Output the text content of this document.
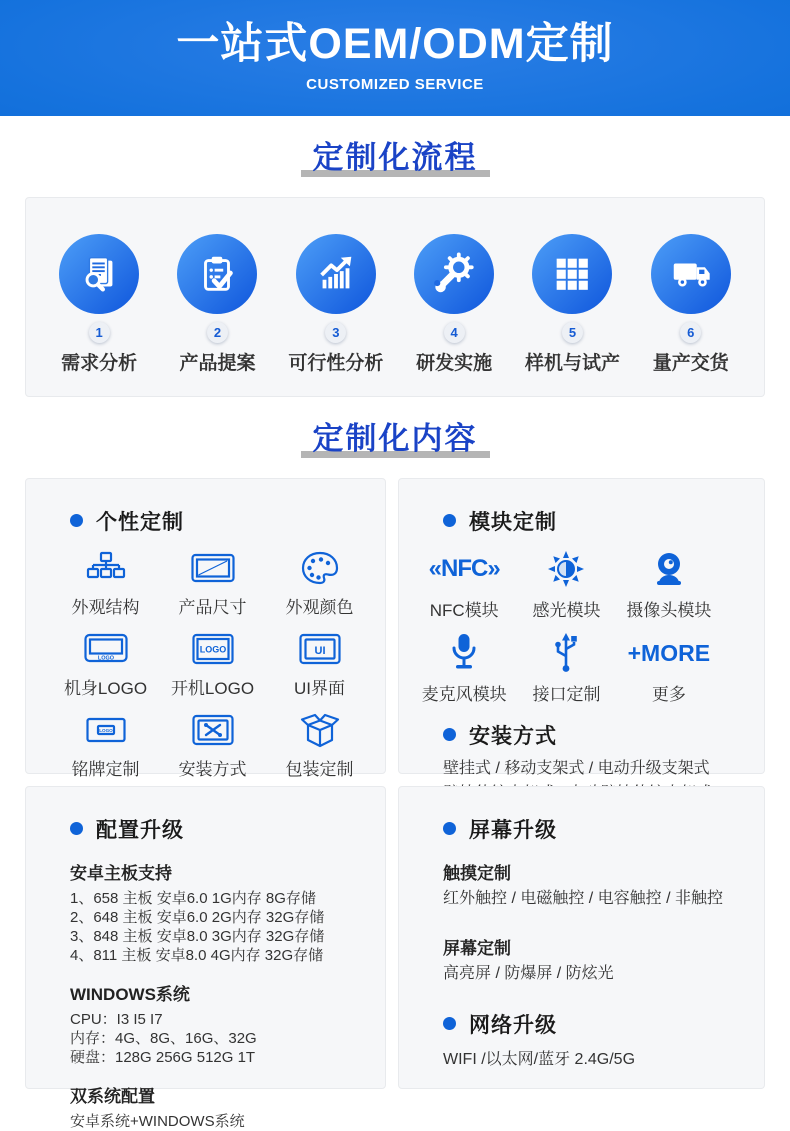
一站式OEM/ODM定制
CUSTOMIZED SERVICE
定制化流程
1
需求分析
2
产品提案
3
可行性分析
4
研发实施
5
样机与试产
6
量产交货
定制化内容
个性定制
外观结构	产品尺寸	外观颜色
LOGO
机身LOGO
LOGO
开机LOGO
UI
UI界面
LOGO
铭牌定制	安装方式	包装定制
模块定制
«NFC»
NFC模块	感光模块	摄像头模块
麦克风模块	接口定制
+MORE
更多
安装方式
壁挂式 / 移动支架式 / 电动升级支架式
配置升级
安卓主板支持
1、658 主板 安卓6.0 1G内存 8G存储
2、648 主板 安卓6.0 2G内存 32G存储
3、848 主板 安卓8.0 3G内存 32G存储
4、811 主板 安卓8.0 4G内存 32G存储
WINDOWS系统
CPU：I3 I5 I7
内存：4G、8G、16G、32G
硬盘：128G 256G 512G 1T
双系统配置
安卓系统+WINDOWS系统
屏幕升级
触摸定制
红外触控 / 电磁触控 / 电容触控 / 非触控
屏幕定制
高亮屏 / 防爆屏 / 防炫光
网络升级
WIFI /以太网/蓝牙 2.4G/5G
